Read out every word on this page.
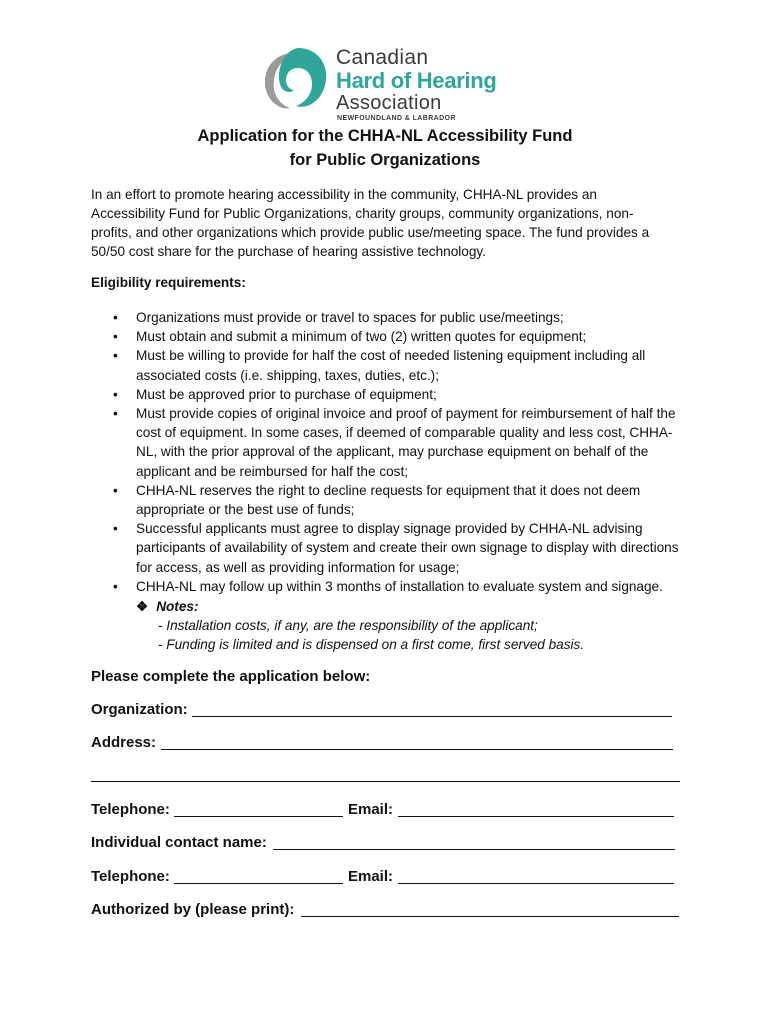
Canadian
Hard of Hearing
Association
NEWFOUNDLAND & LABRADOR
Application for the CHHA-NL Accessibility Fund
for Public Organizations

In an effort to promote hearing accessibility in the community, CHHA-NL provides an Accessibility Fund for Public Organizations, charity groups, community organizations, non-profits, and other organizations which provide public use/meeting space. The fund provides a 50/50 cost share for the purchase of hearing assistive technology.

Eligibility requirements:
• Organizations must provide or travel to spaces for public use/meetings;
• Must obtain and submit a minimum of two (2) written quotes for equipment;
• Must be willing to provide for half the cost of needed listening equipment including all associated costs (i.e. shipping, taxes, duties, etc.);
• Must be approved prior to purchase of equipment;
• Must provide copies of original invoice and proof of payment for reimbursement of half the cost of equipment. In some cases, if deemed of comparable quality and less cost, CHHA-NL, with the prior approval of the applicant, may purchase equipment on behalf of the applicant and be reimbursed for half the cost;
• CHHA-NL reserves the right to decline requests for equipment that it does not deem appropriate or the best use of funds;
• Successful applicants must agree to display signage provided by CHHA-NL advising participants of availability of system and create their own signage to display with directions for access, as well as providing information for usage;
• CHHA-NL may follow up within 3 months of installation to evaluate system and signage.
❖ Notes:
- Installation costs, if any, are the responsibility of the applicant;
- Funding is limited and is dispensed on a first come, first served basis.
Please complete the application below:
Organization:
Address:
Telephone:	Email:
Individual contact name:
Telephone:	Email:
Authorized by (please print):
